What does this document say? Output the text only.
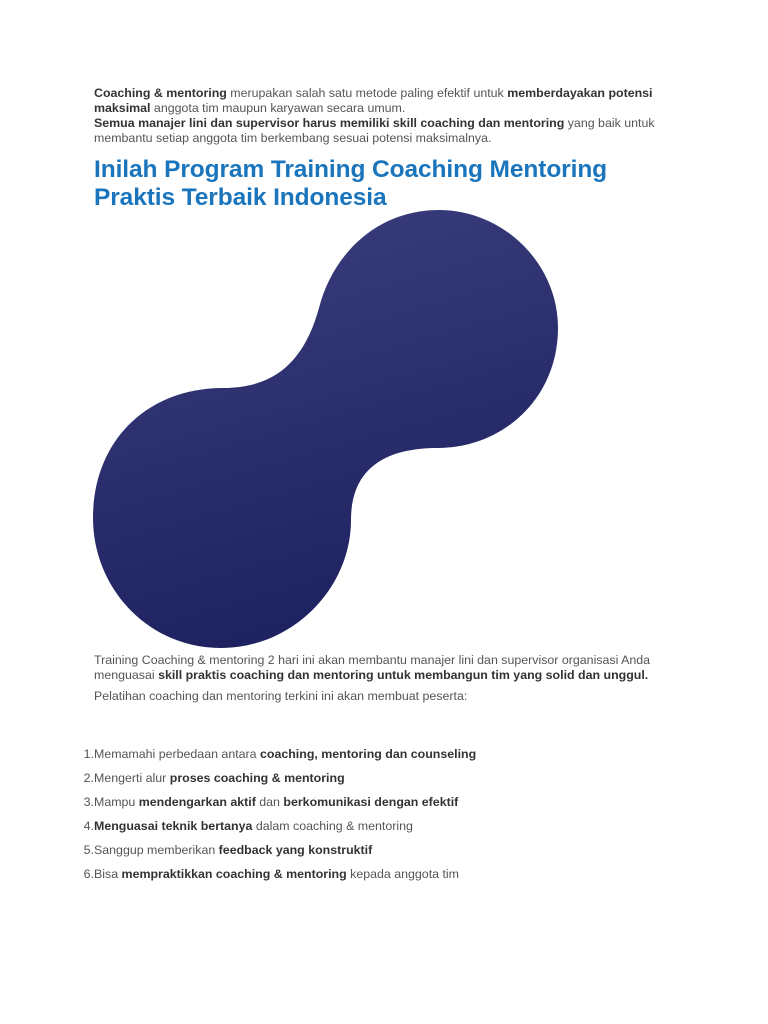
Coaching & mentoring merupakan salah satu metode paling efektif untuk memberdayakan potensi maksimal anggota tim maupun karyawan secara umum.

Semua manajer lini dan supervisor harus memiliki skill coaching dan mentoring yang baik untuk membantu setiap anggota tim berkembang sesuai potensi maksimalnya.

Inilah Program Training Coaching Mentoring Praktis Terbaik Indonesia

Training Coaching & mentoring 2 hari ini akan membantu manajer lini dan supervisor organisasi Anda menguasai skill praktis coaching dan mentoring untuk membangun tim yang solid dan unggul.

Pelatihan coaching dan mentoring terkini ini akan membuat peserta:

1. Memamahi perbedaan antara coaching, mentoring dan counseling
2. Mengerti alur proses coaching & mentoring
3. Mampu mendengarkan aktif dan berkomunikasi dengan efektif
4. Menguasai teknik bertanya dalam coaching & mentoring
5. Sanggup memberikan feedback yang konstruktif
6. Bisa mempraktikkan coaching & mentoring kepada anggota tim
